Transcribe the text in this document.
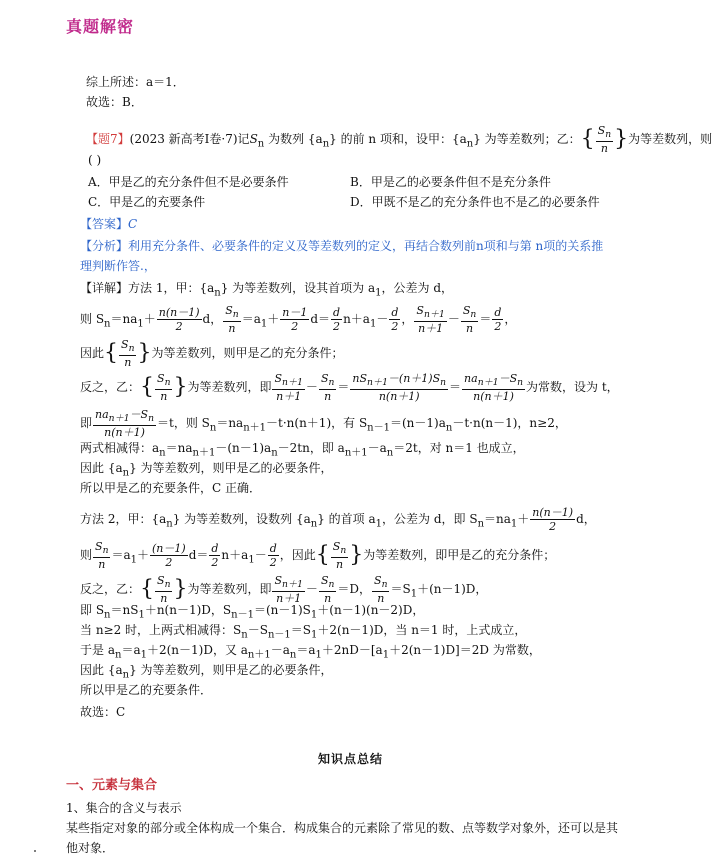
真题解密
综上所述：a＝1．
故选：B．
【题7】(2023 新高考Ⅰ卷·7)记$S_n$ 为数列 $\{a_n\}$ 的前 n 项和，设甲：$\{a_n\}$ 为等差数列；乙：{ $\frac{S_n}{n}$ }为等差数列，则
( )
A．甲是乙的充分条件但不是必要条件	B．甲是乙的必要条件但不是充分条件
C．甲是乙的充要条件	D．甲既不是乙的充分条件也不是乙的必要条件
【答案】C
【分析】利用充分条件、必要条件的定义及等差数列的定义，再结合数列前n项和与第 n项的关系推
理判断作答.，
【详解】方法 1，甲：$\{a_n\}$ 为等差数列，设其首项为 $a_1$，公差为 d，
则 $S_n=na_1+ \frac{n(n-1)}{2}$ d， $\frac{S_n}{n} =a_1+ \frac{n-1}{2} d= \frac{d}{2} n+a_1- \frac{d}{2}$ ， $\frac{S_{n+1}}{n+1} - \frac{S_n}{n} = \frac{d}{2}$ ，
因此{ $\frac{S_n}{n}$ }为等差数列，则甲是乙的充分条件；
反之，乙：{ $\frac{S_n}{n}$ }为等差数列，即 $\frac{S_{n+1}}{n+1} - \frac{S_n}{n} = \frac{nS_{n+1}-(n+1)S_n}{n(n+1)} = \frac{na_{n+1}-S_n}{n(n+1)}$ 为常数，设为 t，
即 $\frac{na_{n+1}-S_n}{n(n+1)} =t$，则 $S_n=na_{n+1}-t\cdot n(n+1)$，有 $S_{n-1}=(n-1)a_n-t\cdot n(n-1)$，n≥2，
两式相减得：$a_n=na_{n+1}-(n-1)a_n-2tn$，即 $a_{n+1}-a_n=2t$，对 n＝1 也成立，
因此 $\{a_n\}$ 为等差数列，则甲是乙的必要条件，
所以甲是乙的充要条件，C 正确．
方法 2，甲：$\{a_n\}$ 为等差数列，设数列 $\{a_n\}$ 的首项 $a_1$，公差为 d，即 $S_n=na_1+ \frac{n(n-1)}{2}$ d，
则 $\frac{S_n}{n} =a_1+ \frac{(n-1)}{2} d= \frac{d}{2} n+a_1- \frac{d}{2}$ ，因此{ $\frac{S_n}{n}$ }为等差数列，即甲是乙的充分条件；
反之，乙：{ $\frac{S_n}{n}$ }为等差数列，即 $\frac{S_{n+1}}{n+1} - \frac{S_n}{n} =D$， $\frac{S_n}{n} =S_1+(n-1)D$，
即 $S_n=nS_1+n(n-1)D$，$S_{n-1}=(n-1)S_1+(n-1)(n-2)D$，
当 n≥2 时，上两式相减得：$S_n-S_{n-1}=S_1+2(n-1)D$，当 n＝1 时，上式成立，
于是 $a_n=a_1+2(n-1)D$，又 $a_{n+1}-a_n=a_1+2nD-[a_1+2(n-1)D]=2D$ 为常数，
因此 $\{a_n\}$ 为等差数列，则甲是乙的必要条件，
所以甲是乙的充要条件．
故选：C
知识点总结
一、元素与集合
1、集合的含义与表示
某些指定对象的部分或全体构成一个集合．构成集合的元素除了常见的数、点等数学对象外，还可以是其
他对象．
